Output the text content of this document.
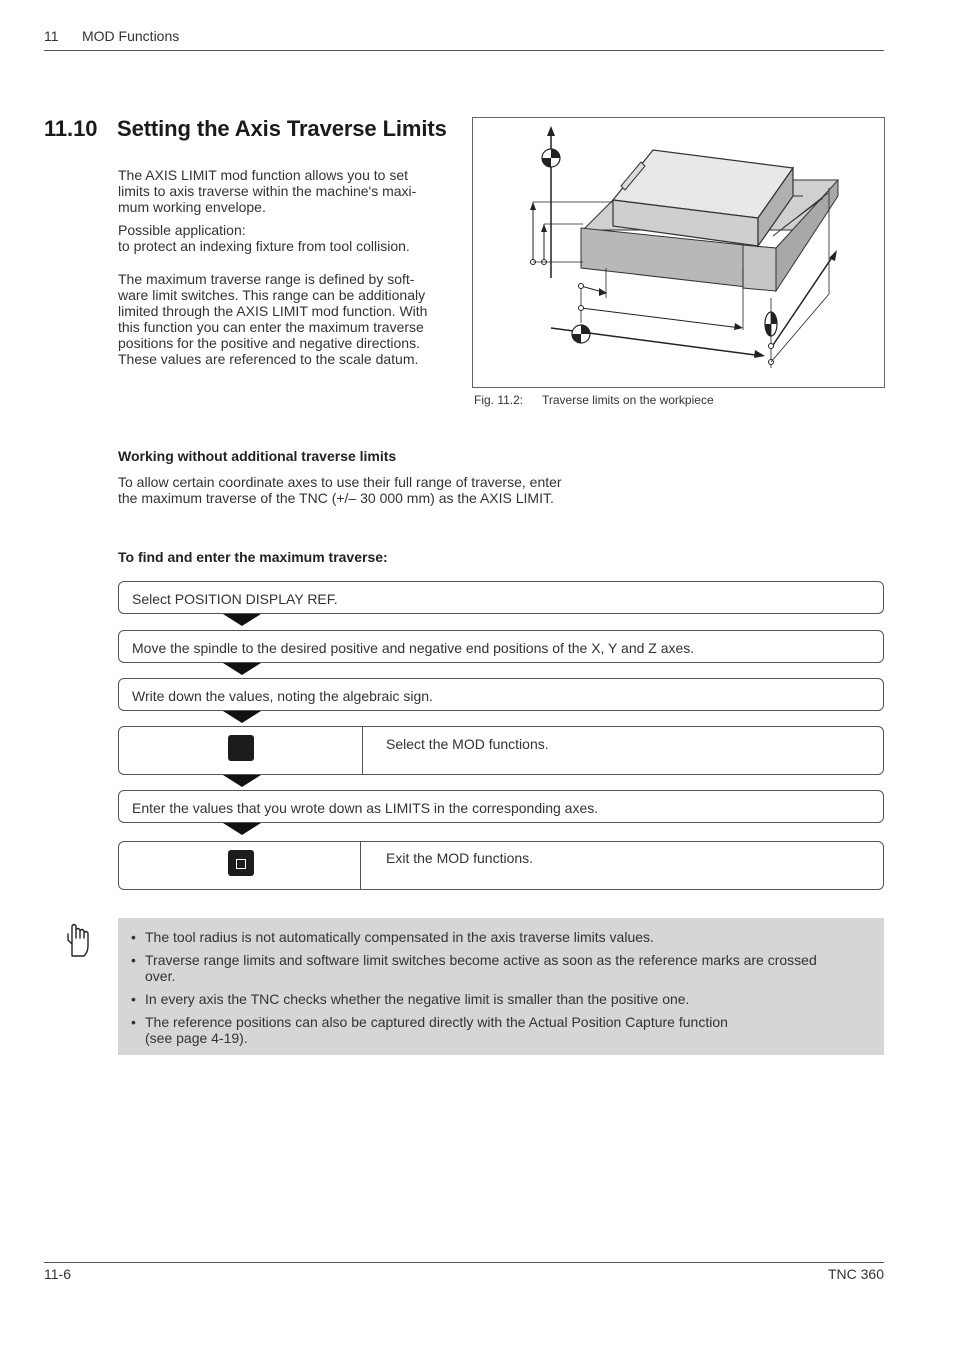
11 MOD Functions
11.10 Setting the Axis Traverse Limits

The AXIS LIMIT mod function allows you to set

limits to axis traverse within the machine's maxi-

mum working envelope.

Possible application:

to protect an indexing fixture from tool collision.

The maximum traverse range is defined by soft-

ware limit switches. This range can be additionaly

limited through the AXIS LIMIT mod function. With

this function you can enter the maximum traverse

positions for the positive and negative directions.

These values are referenced to the scale datum.

Fig. 11.2: Traverse limits on the workpiece
Working without additional traverse limits

To allow certain coordinate axes to use their full range of traverse, enter

the maximum traverse of the TNC (+/– 30 000 mm) as the AXIS LIMIT.

To find and enter the maximum traverse:
Select POSITION DISPLAY REF.
Move the spindle to the desired positive and negative end positions of the X, Y and Z axes.
Write down the values, noting the algebraic sign.
Select the MOD functions.
Enter the values that you wrote down as LIMITS in the corresponding axes.
Exit the MOD functions.
• The tool radius is not automatically compensated in the axis traverse limits values.
• Traverse range limits and software limit switches become active as soon as the reference marks are crossed
over.
• In every axis the TNC checks whether the negative limit is smaller than the positive one.
• The reference positions can also be captured directly with the Actual Position Capture function
(see page 4-19).
11-6	TNC 360
